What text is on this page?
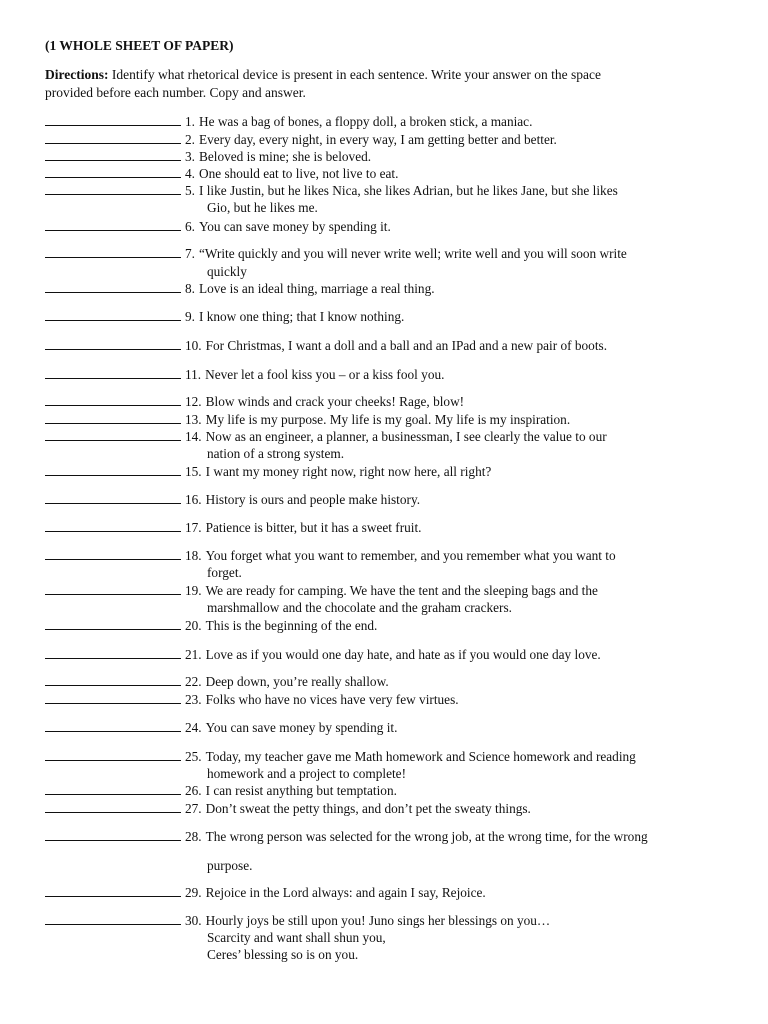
(1 WHOLE SHEET OF PAPER)
Directions: Identify what rhetorical device is present in each sentence. Write your answer on the space
provided before each number. Copy and answer.
1. He was a bag of bones, a floppy doll, a broken stick, a maniac.
2. Every day, every night, in every way, I am getting better and better.
3. Beloved is mine; she is beloved.
4. One should eat to live, not live to eat.
5. I like Justin, but he likes Nica, she likes Adrian, but he likes Jane, but she likes
Gio, but he likes me.
6. You can save money by spending it.
7. “Write quickly and you will never write well; write well and you will soon write
quickly
8. Love is an ideal thing, marriage a real thing.
9. I know one thing; that I know nothing.
10. For Christmas, I want a doll and a ball and an IPad and a new pair of boots.
11. Never let a fool kiss you – or a kiss fool you.
12. Blow winds and crack your cheeks! Rage, blow!
13. My life is my purpose. My life is my goal. My life is my inspiration.
14. Now as an engineer, a planner, a businessman, I see clearly the value to our
nation of a strong system.
15. I want my money right now, right now here, all right?
16. History is ours and people make history.
17. Patience is bitter, but it has a sweet fruit.
18. You forget what you want to remember, and you remember what you want to
forget.
19. We are ready for camping. We have the tent and the sleeping bags and the
marshmallow and the chocolate and the graham crackers.
20. This is the beginning of the end.
21. Love as if you would one day hate, and hate as if you would one day love.
22. Deep down, you’re really shallow.
23. Folks who have no vices have very few virtues.
24. You can save money by spending it.
25. Today, my teacher gave me Math homework and Science homework and reading
homework and a project to complete!
26. I can resist anything but temptation.
27. Don’t sweat the petty things, and don’t pet the sweaty things.
28. The wrong person was selected for the wrong job, at the wrong time, for the wrong
purpose.
29. Rejoice in the Lord always: and again I say, Rejoice.
30. Hourly joys be still upon you! Juno sings her blessings on you…
Scarcity and want shall shun you,
Ceres’ blessing so is on you.
